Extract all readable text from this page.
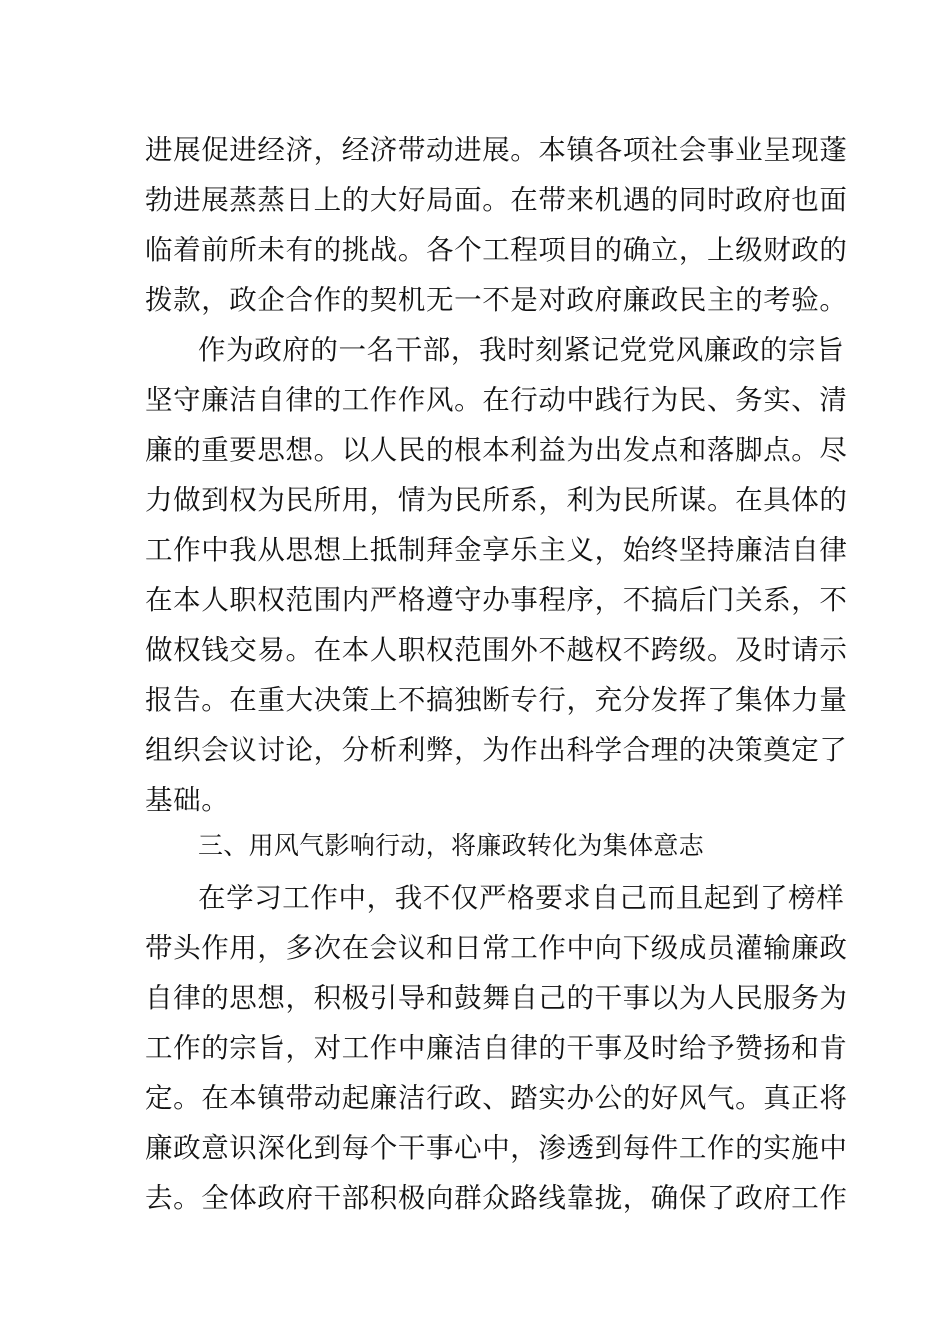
进展促进经济，经济带动进展。本镇各项社会事业呈现蓬
勃进展蒸蒸日上的大好局面。在带来机遇的同时政府也面
临着前所未有的挑战。各个工程项目的确立，上级财政的
拨款，政企合作的契机无一不是对政府廉政民主的考验。
作为政府的一名干部，我时刻紧记党党风廉政的宗旨
坚守廉洁自律的工作作风。在行动中践行为民、务实、清
廉的重要思想。以人民的根本利益为出发点和落脚点。尽
力做到权为民所用，情为民所系，利为民所谋。在具体的
工作中我从思想上抵制拜金享乐主义，始终坚持廉洁自律
在本人职权范围内严格遵守办事程序，不搞后门关系，不
做权钱交易。在本人职权范围外不越权不跨级。及时请示
报告。在重大决策上不搞独断专行，充分发挥了集体力量
组织会议讨论，分析利弊，为作出科学合理的决策奠定了
基础。
三、用风气影响行动，将廉政转化为集体意志
在学习工作中，我不仅严格要求自己而且起到了榜样
带头作用，多次在会议和日常工作中向下级成员灌输廉政
自律的思想，积极引导和鼓舞自己的干事以为人民服务为
工作的宗旨，对工作中廉洁自律的干事及时给予赞扬和肯
定。在本镇带动起廉洁行政、踏实办公的好风气。真正将
廉政意识深化到每个干事心中，渗透到每件工作的实施中
去。全体政府干部积极向群众路线靠拢，确保了政府工作
